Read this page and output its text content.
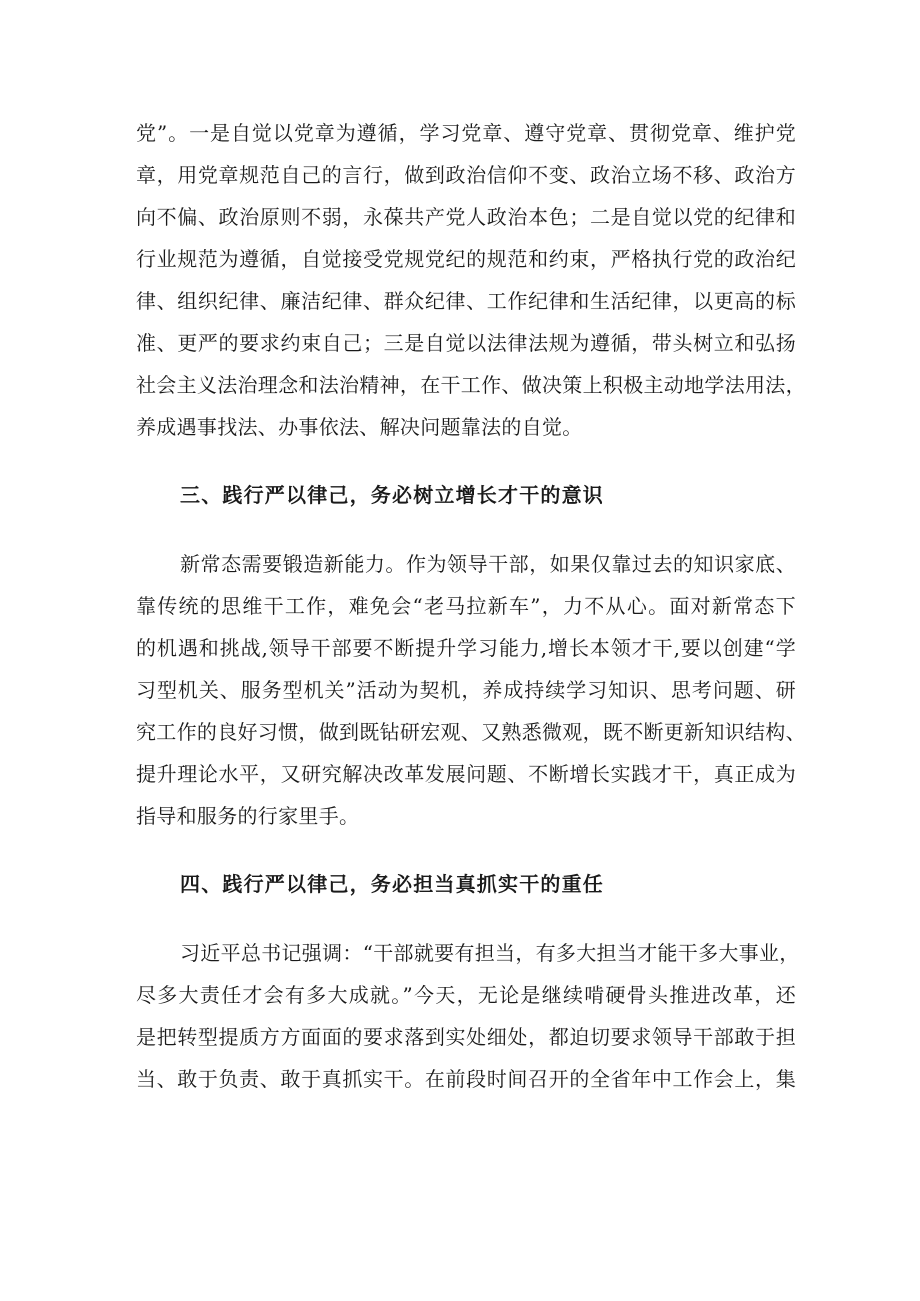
党”。一是自觉以党章为遵循，学习党章、遵守党章、贯彻党章、维护党
章，用党章规范自己的言行，做到政治信仰不变、政治立场不移、政治方
向不偏、政治原则不弱，永葆共产党人政治本色；二是自觉以党的纪律和
行业规范为遵循，自觉接受党规党纪的规范和约束，严格执行党的政治纪
律、组织纪律、廉洁纪律、群众纪律、工作纪律和生活纪律，以更高的标
准、更严的要求约束自己；三是自觉以法律法规为遵循，带头树立和弘扬
社会主义法治理念和法治精神，在干工作、做决策上积极主动地学法用法，
养成遇事找法、办事依法、解决问题靠法的自觉。
三、践行严以律己，务必树立增长才干的意识
新常态需要锻造新能力。作为领导干部，如果仅靠过去的知识家底、
靠传统的思维干工作，难免会“老马拉新车”，力不从心。面对新常态下
的机遇和挑战,领导干部要不断提升学习能力,增长本领才干,要以创建“学
习型机关、服务型机关”活动为契机，养成持续学习知识、思考问题、研
究工作的良好习惯，做到既钻研宏观、又熟悉微观，既不断更新知识结构、
提升理论水平，又研究解决改革发展问题、不断增长实践才干，真正成为
指导和服务的行家里手。
四、践行严以律己，务必担当真抓实干的重任
习近平总书记强调：“干部就要有担当，有多大担当才能干多大事业，
尽多大责任才会有多大成就。”今天，无论是继续啃硬骨头推进改革，还
是把转型提质方方面面的要求落到实处细处，都迫切要求领导干部敢于担
当、敢于负责、敢于真抓实干。在前段时间召开的全省年中工作会上，集
